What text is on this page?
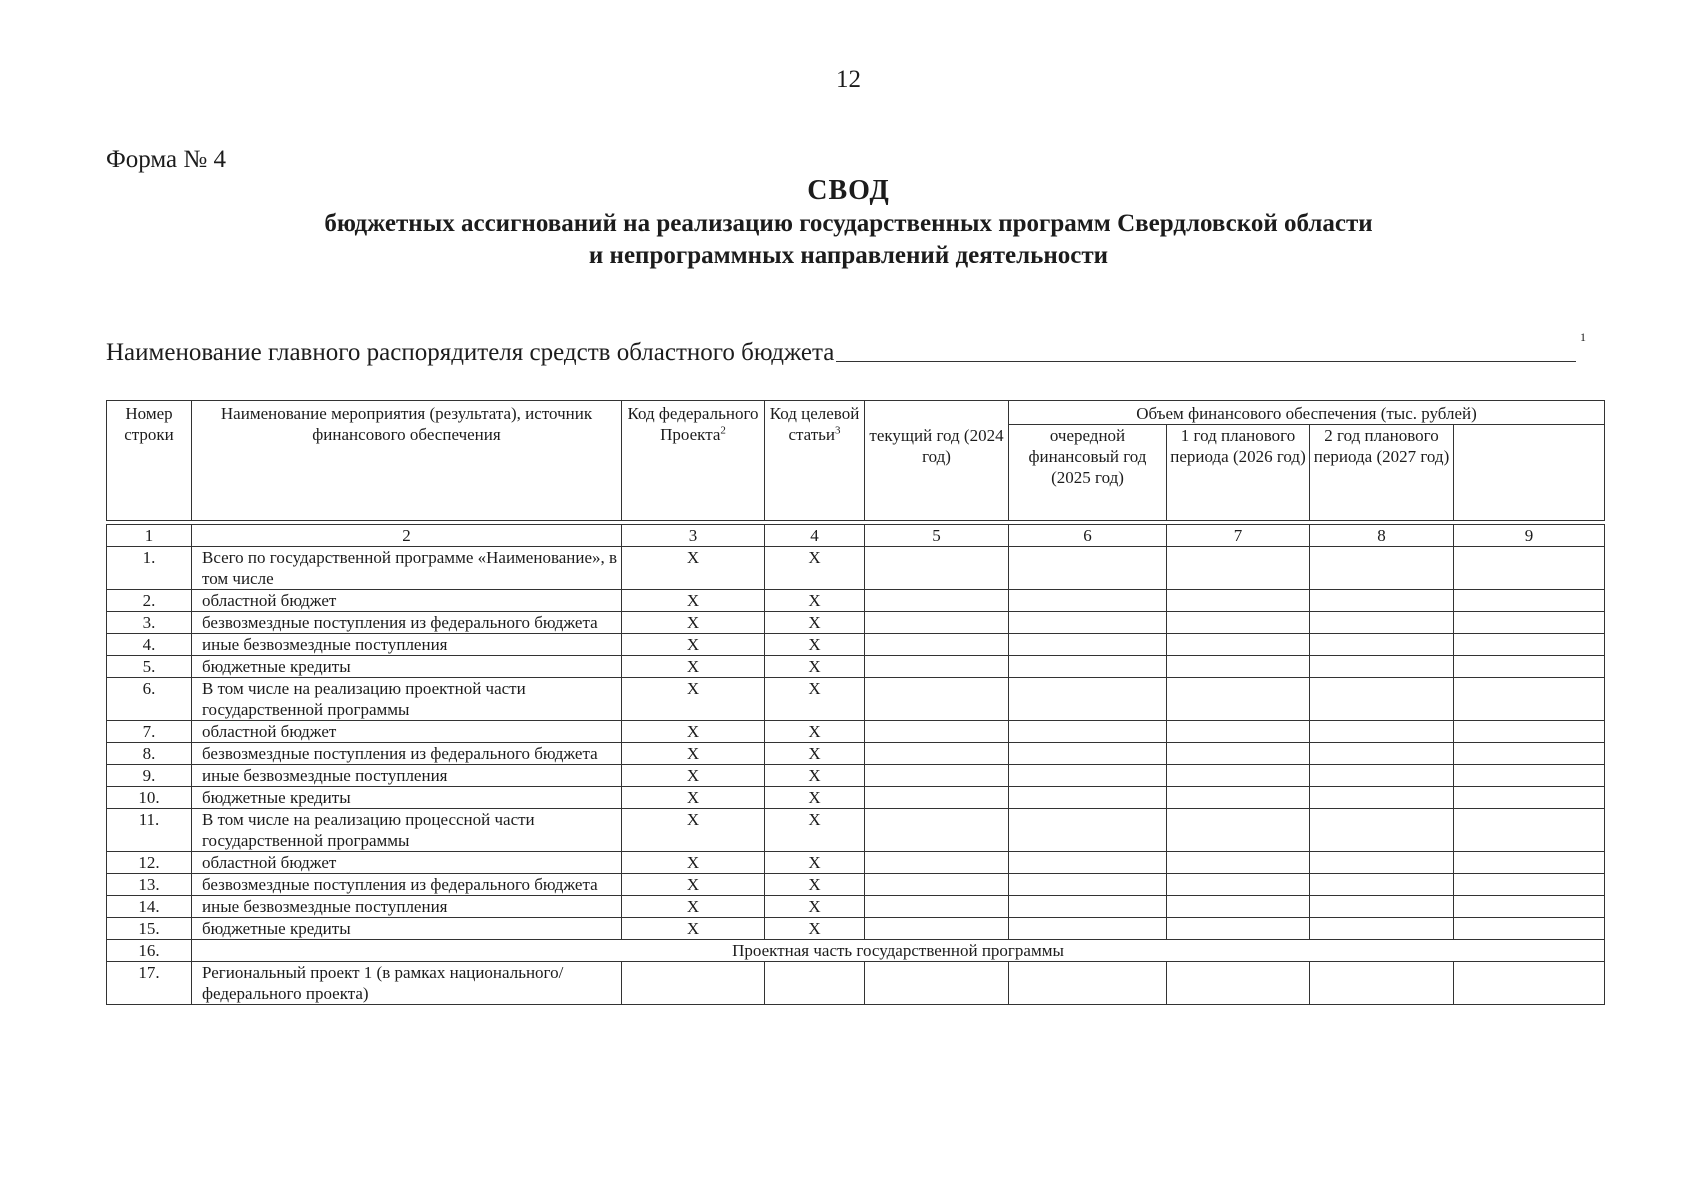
12
Форма № 4
СВОД
бюджетных ассигнований на реализацию государственных программ Свердловской области
и непрограммных направлений деятельности
Наименование главного распорядителя средств областного бюджета
$^1$
Номер строки	Наименование мероприятия (результата), источник финансового обеспечения	Код федерального Проекта$^2$	Код целевой статьи$^3$		Объем финансового обеспечения (тыс. рублей)	
				текущий год (2024 год)	очередной финансовый год (2025 год)	1 год планового периода (2026 год)	2 год планового периода (2027 год)		

1	2	3	4	5	6	7	8	9	
1.	Всего по государственной программе «Наименование», в том числе	X	X						
2.	областной бюджет	X	X						
3.	безвозмездные поступления из федерального бюджета	X	X						
4.	иные безвозмездные поступления	X	X						
5.	бюджетные кредиты	X	X						
6.	В том числе на реализацию проектной части государственной программы	X	X						
7.	областной бюджет	X	X						
8.	безвозмездные поступления из федерального бюджета	X	X						
9.	иные безвозмездные поступления	X	X						
10.	бюджетные кредиты	X	X						
11.	В том числе на реализацию процессной части государственной программы	X	X						
12.	областной бюджет	X	X						
13.	безвозмездные поступления из федерального бюджета	X	X						
14.	иные безвозмездные поступления	X	X						
15.	бюджетные кредиты	X	X						
16.	Проектная часть государственной программы								
17.	Региональный проект 1 (в рамках национального/федерального проекта)								
